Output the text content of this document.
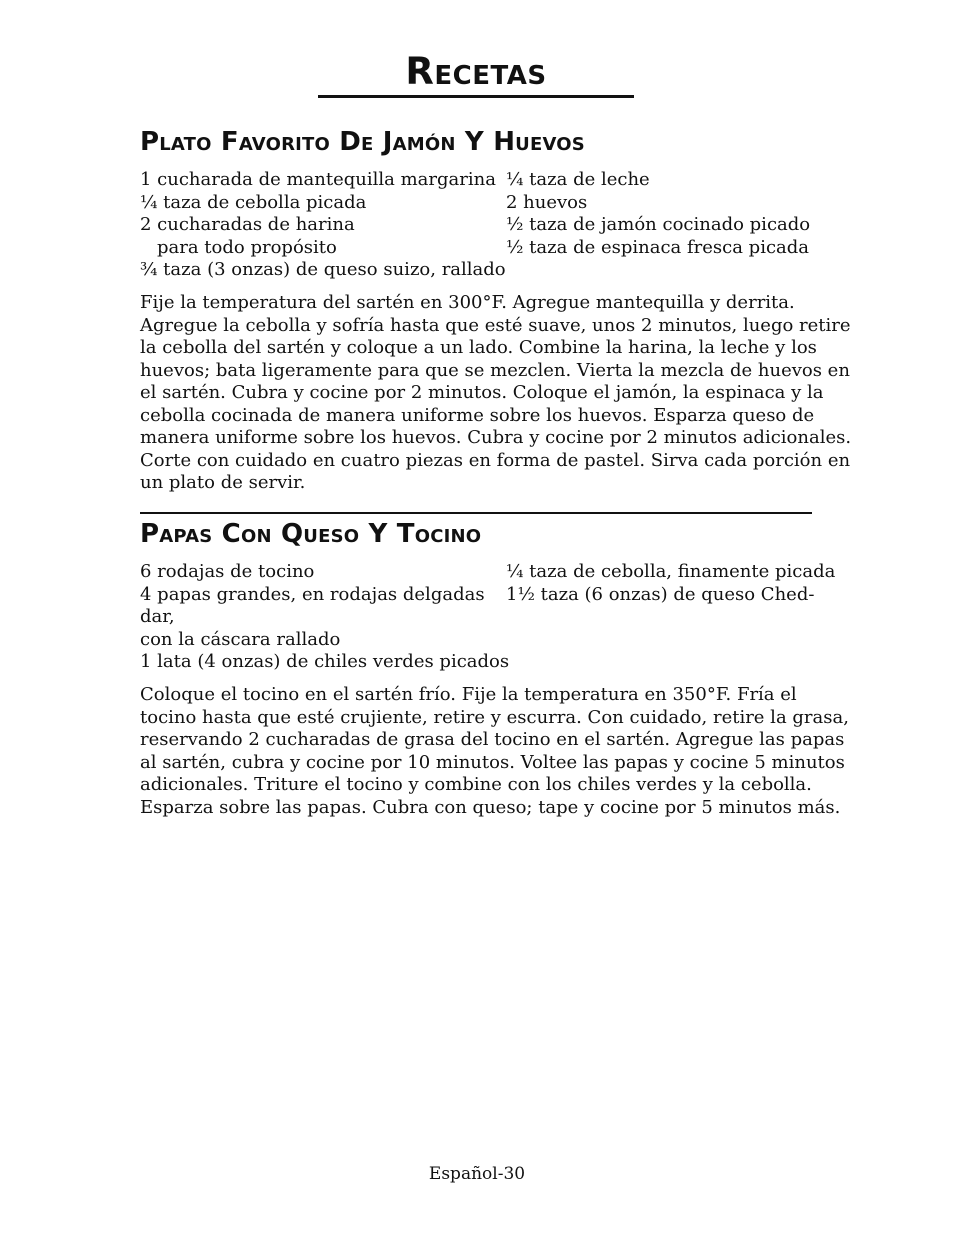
Recetas
Plato Favorito De Jamón Y Huevos
1 cucharada de mantequilla margarina
¼ taza de cebolla picada
2 cucharadas de harina
para todo propósito
¾ taza (3 onzas) de queso suizo, rallado
¼ taza de leche
2 huevos
½ taza de jamón cocinado picado
½ taza de espinaca fresca picada
Fije la temperatura del sartén en 300°F. Agregue mantequilla y derrita.
Agregue la cebolla y sofría hasta que esté suave, unos 2 minutos, luego retire
la cebolla del sartén y coloque a un lado. Combine la harina, la leche y los
huevos; bata ligeramente para que se mezclen. Vierta la mezcla de huevos en
el sartén. Cubra y cocine por 2 minutos. Coloque el jamón, la espinaca y la
cebolla cocinada de manera uniforme sobre los huevos. Esparza queso de
manera uniforme sobre los huevos. Cubra y cocine por 2 minutos adicionales.
Corte con cuidado en cuatro piezas en forma de pastel. Sirva cada porción en
un plato de servir.
Papas Con Queso Y Tocino
6 rodajas de tocino
4 papas grandes, en rodajas delgadas
dar,
con la cáscara rallado
1 lata (4 onzas) de chiles verdes picados
¼ taza de cebolla, finamente picada
1½ taza (6 onzas) de queso Ched-
Coloque el tocino en el sartén frío. Fije la temperatura en 350°F. Fría el
tocino hasta que esté crujiente, retire y escurra. Con cuidado, retire la grasa,
reservando 2 cucharadas de grasa del tocino en el sartén. Agregue las papas
al sartén, cubra y cocine por 10 minutos. Voltee las papas y cocine 5 minutos
adicionales. Triture el tocino y combine con los chiles verdes y la cebolla.
Esparza sobre las papas. Cubra con queso; tape y cocine por 5 minutos más.
Español-30
